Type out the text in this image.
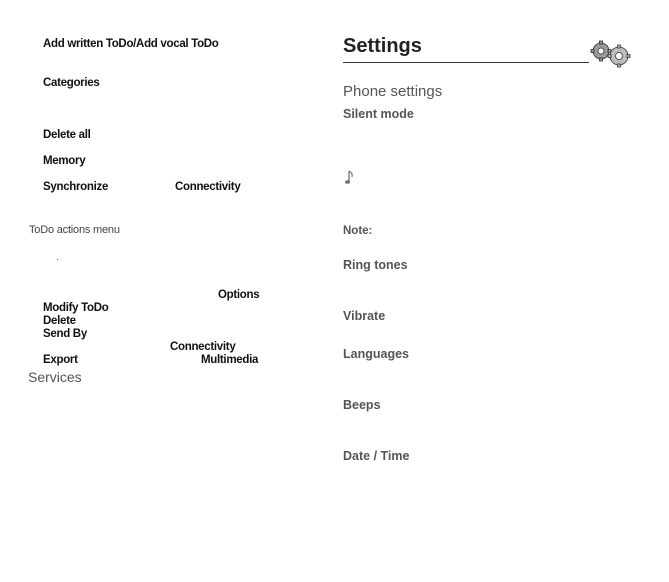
Add written ToDo/Add vocal ToDo
Categories
Delete all
Memory
Synchronize	Connectivity
ToDo actions menu
Options
Modify ToDo
Delete
Send By
Connectivity
Export	Multimedia
Services
Settings
Phone settings
Silent mode
Note:
Ring tones
Vibrate
Languages
Beeps
Date / Time
